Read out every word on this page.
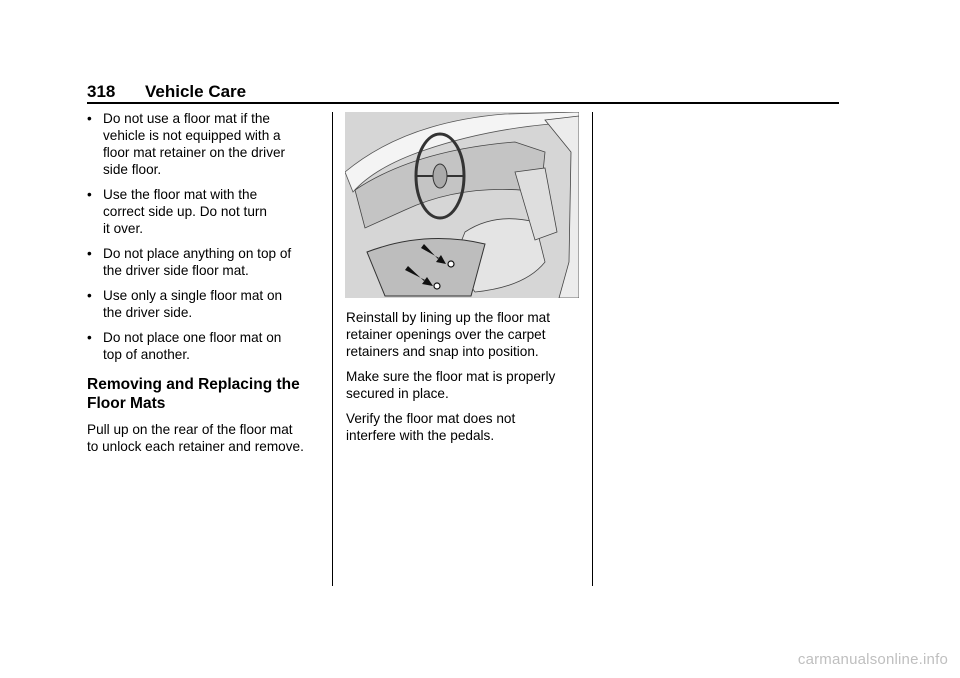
318 Vehicle Care
• Do not use a floor mat if the
vehicle is not equipped with a
floor mat retainer on the driver
side floor.
• Use the floor mat with the
correct side up. Do not turn
it over.
• Do not place anything on top of
the driver side floor mat.
• Use only a single floor mat on
the driver side.
• Do not place one floor mat on
top of another.
Removing and Replacing the
Floor Mats

Pull up on the rear of the floor mat
to unlock each retainer and remove.

Reinstall by lining up the floor mat
retainer openings over the carpet
retainers and snap into position.

Make sure the floor mat is properly
secured in place.

Verify the floor mat does not
interfere with the pedals.

carmanualsonline.info
